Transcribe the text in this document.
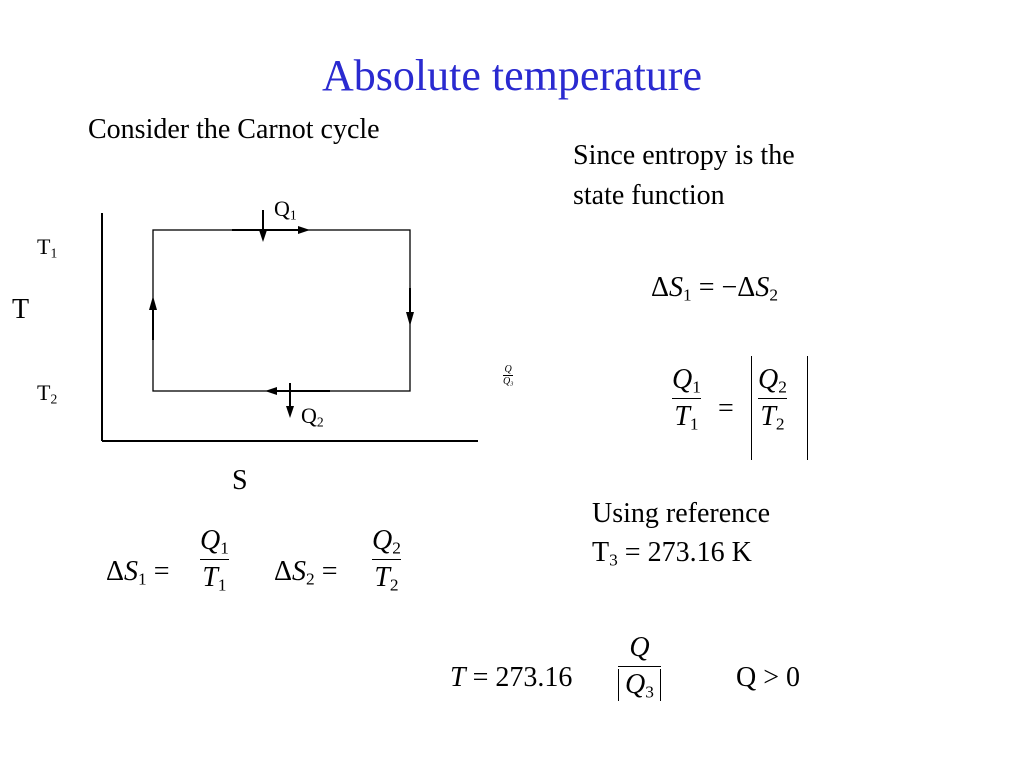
Absolute temperature
Consider the Carnot cycle
Since entropy is the
state function
$Q_1$
$Q_2$
$T_1$
$T_2$
T
S
Q
$Q_3$
$\Delta S_1 = -\Delta S_2$
$Q_1$
$T_1$ =
$Q_2$
$T_2$
Using reference
$T_3 = 273.16$ K
$\Delta S_1$ =
$Q_1$
$T_1$ $\Delta S_2$ =
$Q_2$
$T_2$
T = 273.16
Q
$Q_3$	Q > 0
